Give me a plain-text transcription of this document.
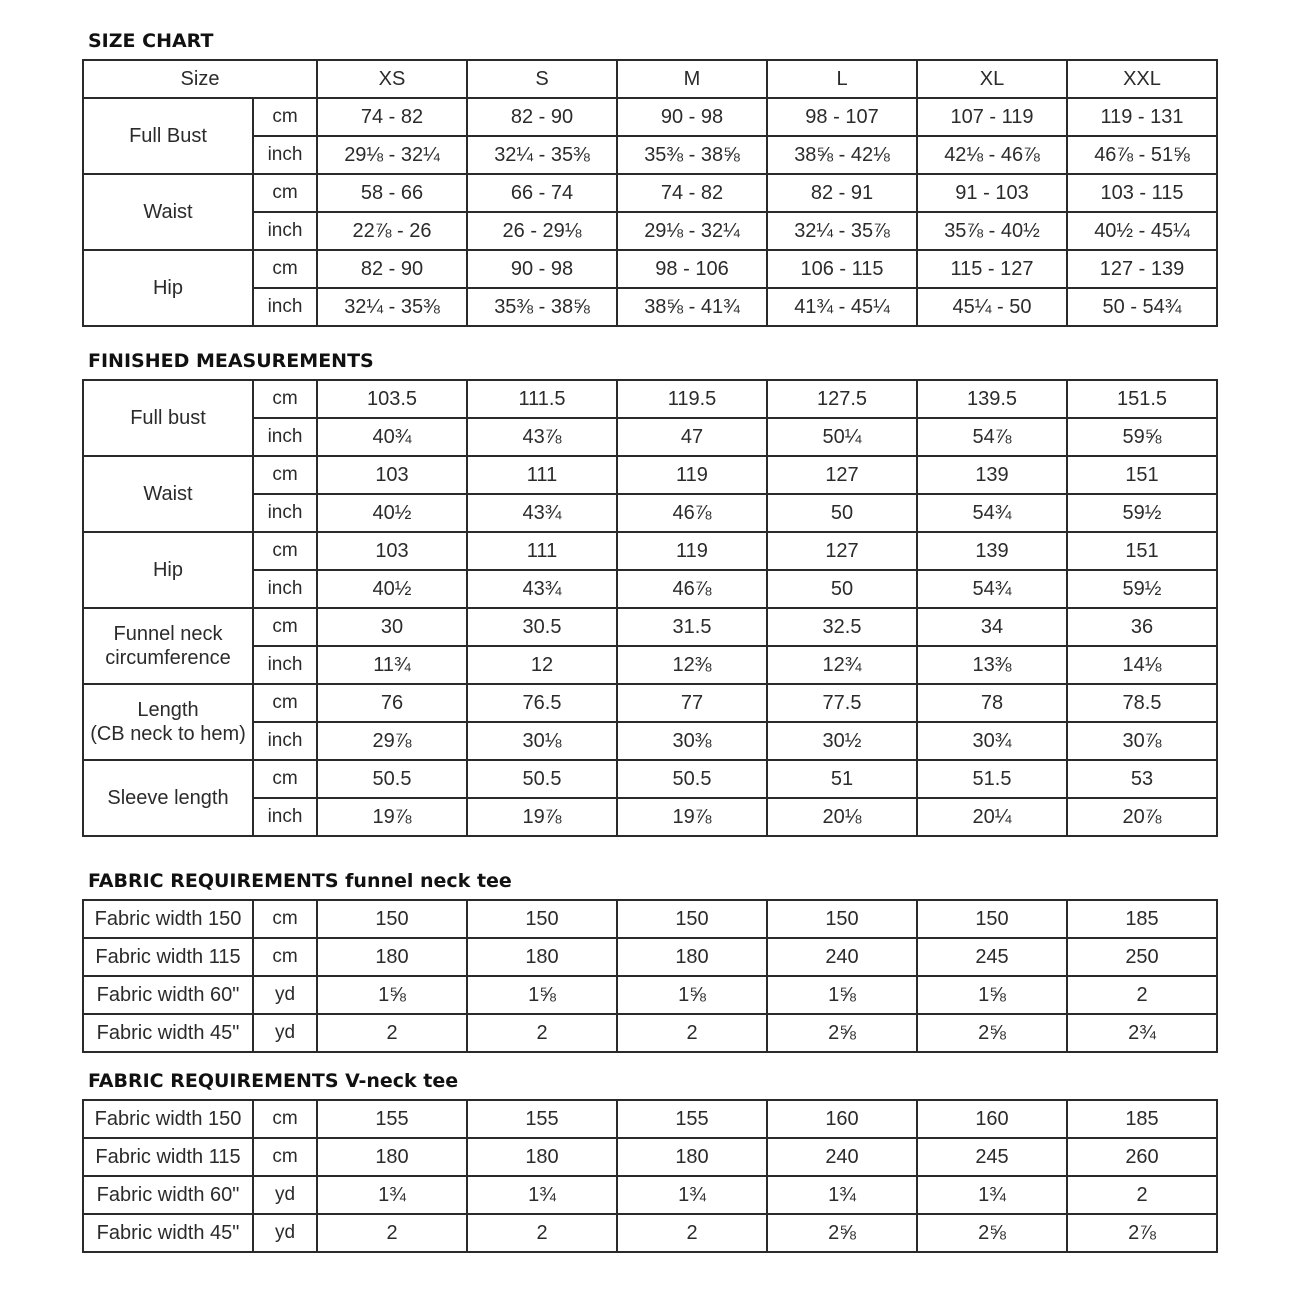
SIZE CHART
Size		XS	S	M	L	XL	XXL

Full Bust	cm	74 - 82	82 - 90	90 - 98	98 - 107	107 - 119	119 - 131
	inch	29⅛ - 32¼	32¼ - 35⅜	35⅜ - 38⅝	38⅝ - 42⅛	42⅛ - 46⅞	46⅞ - 51⅝

Waist	cm	58 - 66	66 - 74	74 - 82	82 - 91	91 - 103	103 - 115
	inch	22⅞ - 26	26 - 29⅛	29⅛ - 32¼	32¼ - 35⅞	35⅞ - 40½	40½ - 45¼

Hip	cm	82 - 90	90 - 98	98 - 106	106 - 115	115 - 127	127 - 139
	inch	32¼ - 35⅜	35⅜ - 38⅝	38⅝ - 41¾	41¾ - 45¼	45¼ - 50	50 - 54¾
FINISHED MEASUREMENTS
Full bust	cm	103.5	111.5	119.5	127.5	139.5	151.5
	inch	40¾	43⅞	47	50¼	54⅞	59⅝

Waist	cm	103	111	119	127	139	151
	inch	40½	43¾	46⅞	50	54¾	59½

Hip	cm	103	111	119	127	139	151
	inch	40½	43¾	46⅞	50	54¾	59½

Funnel neck
circumference	cm	30	30.5	31.5	32.5	34	36
	inch	11¾	12	12⅜	12¾	13⅜	14⅛

Length
(CB neck to hem)	cm	76	76.5	77	77.5	78	78.5
	inch	29⅞	30⅛	30⅜	30½	30¾	30⅞

Sleeve length	cm	50.5	50.5	50.5	51	51.5	53
	inch	19⅞	19⅞	19⅞	20⅛	20¼	20⅞
FABRIC REQUIREMENTS funnel neck tee
Fabric width 150	cm	150	150	150	150	150	185
Fabric width 115	cm	180	180	180	240	245	250
Fabric width 60"	yd	1⅝	1⅝	1⅝	1⅝	1⅝	2
Fabric width 45"	yd	2	2	2	2⅝	2⅝	2¾
FABRIC REQUIREMENTS V-neck tee
Fabric width 150	cm	155	155	155	160	160	185
Fabric width 115	cm	180	180	180	240	245	260
Fabric width 60"	yd	1¾	1¾	1¾	1¾	1¾	2
Fabric width 45"	yd	2	2	2	2⅝	2⅝	2⅞
